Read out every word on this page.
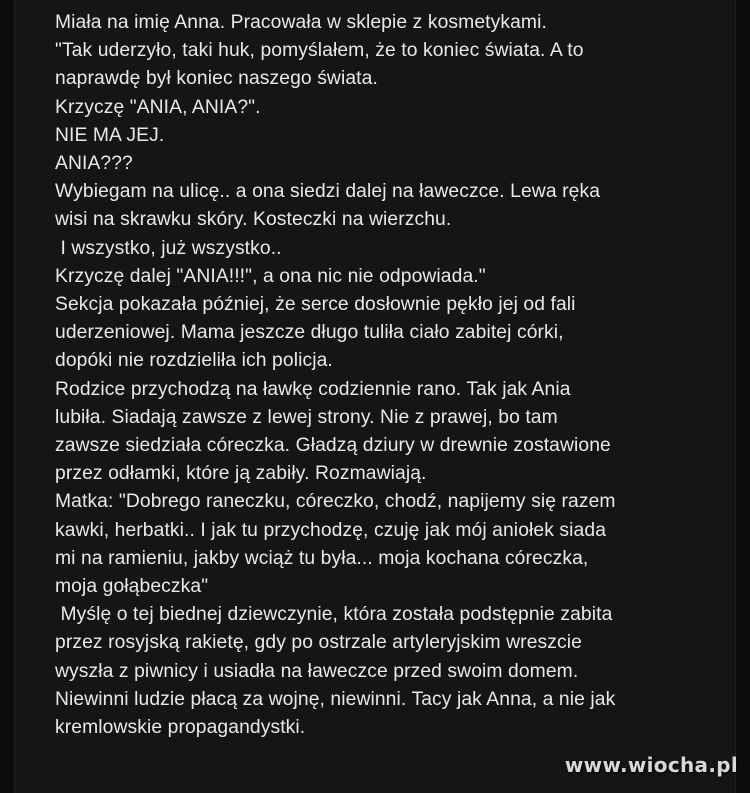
Miała na imię Anna. Pracowała w sklepie z kosmetykami.
"Tak uderzyło, taki huk, pomyślałem, że to koniec świata. A to
naprawdę był koniec naszego świata.
Krzyczę "ANIA, ANIA?".
NIE MA JEJ.
ANIA???
Wybiegam na ulicę.. a ona siedzi dalej na ławeczce. Lewa ręka
wisi na skrawku skóry. Kosteczki na wierzchu.
I wszystko, już wszystko..
Krzyczę dalej "ANIA!!!", a ona nic nie odpowiada."
Sekcja pokazała później, że serce dosłownie pękło jej od fali
uderzeniowej. Mama jeszcze długo tuliła ciało zabitej córki,
dopóki nie rozdzieliła ich policja.
Rodzice przychodzą na ławkę codziennie rano. Tak jak Ania
lubiła. Siadają zawsze z lewej strony. Nie z prawej, bo tam
zawsze siedziała córeczka. Gładzą dziury w drewnie zostawione
przez odłamki, które ją zabiły. Rozmawiają.
Matka: "Dobrego raneczku, córeczko, chodź, napijemy się razem
kawki, herbatki.. I jak tu przychodzę, czuję jak mój aniołek siada
mi na ramieniu, jakby wciąż tu była... moja kochana córeczka,
moja gołąbeczka"
Myślę o tej biednej dziewczynie, która została podstępnie zabita
przez rosyjską rakietę, gdy po ostrzale artyleryjskim wreszcie
wyszła z piwnicy i usiadła na ławeczce przed swoim domem.
Niewinni ludzie płacą za wojnę, niewinni. Tacy jak Anna, a nie jak
kremlowskie propagandystki.
www.wiocha.pl
